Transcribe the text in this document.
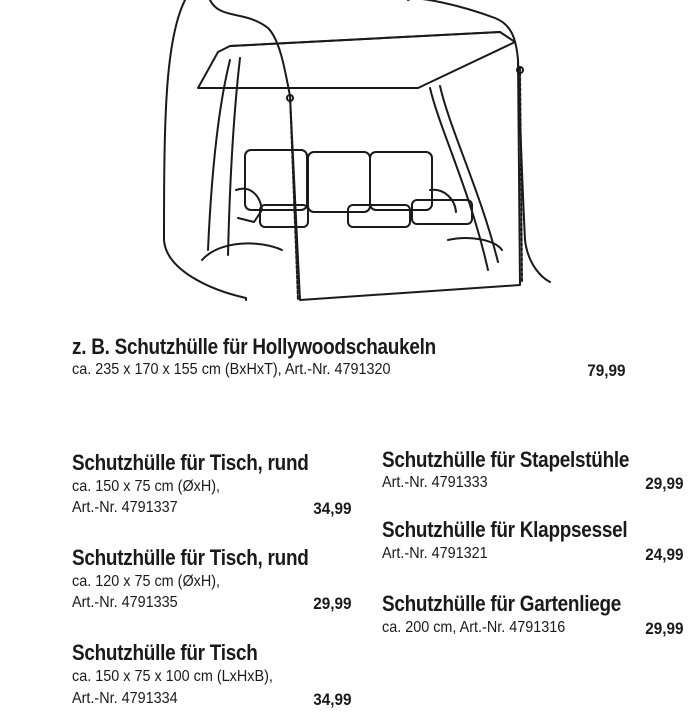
z. B. Schutzhülle für Hollywoodschaukeln
ca. 235 x 170 x 155 cm (BxHxT), Art.-Nr. 4791320	79,99
Schutzhülle für Tisch, rund
ca. 150 x 75 cm (ØxH),
Art.-Nr. 4791337	34,99
Schutzhülle für Tisch, rund
ca. 120 x 75 cm (ØxH),
Art.-Nr. 4791335	29,99
Schutzhülle für Tisch
ca. 150 x 75 x 100 cm (LxHxB),
Art.-Nr. 4791334	34,99
Schutzhülle für Stapelstühle
Art.-Nr. 4791333	29,99
Schutzhülle für Klappsessel
Art.-Nr. 4791321	24,99
Schutzhülle für Gartenliege
ca. 200 cm, Art.-Nr. 4791316	29,99
